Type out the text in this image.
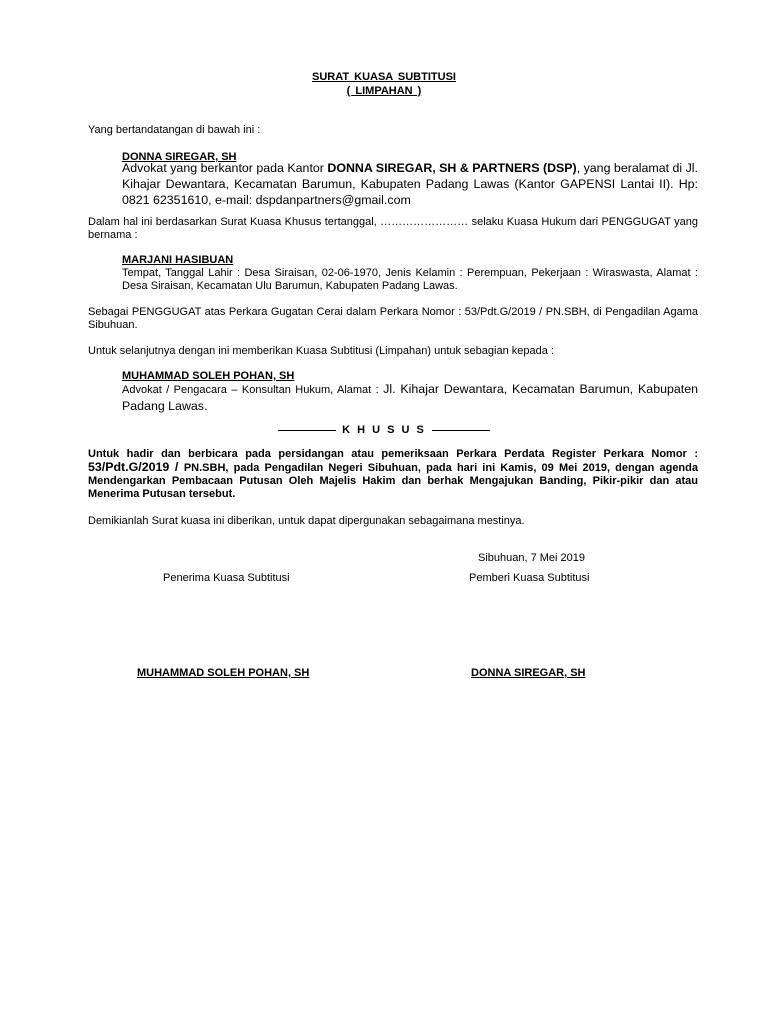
SURAT KUASA SUBTITUSI
( LIMPAHAN )
Yang bertandatangan di bawah ini :
DONNA SIREGAR, SH
Advokat yang berkantor pada Kantor DONNA SIREGAR, SH & PARTNERS (DSP), yang beralamat di Jl. Kihajar Dewantara, Kecamatan Barumun, Kabupaten Padang Lawas (Kantor GAPENSI Lantai II). Hp: 0821 62351610, e-mail: dspdanpartners@gmail.com
Dalam hal ini berdasarkan Surat Kuasa Khusus tertanggal, …………………… selaku Kuasa Hukum dari PENGGUGAT yang bernama :
MARJANI HASIBUAN
Tempat, Tanggal Lahir : Desa Siraisan, 02-06-1970, Jenis Kelamin : Perempuan, Pekerjaan : Wiraswasta, Alamat : Desa Siraisan, Kecamatan Ulu Barumun, Kabupaten Padang Lawas.
Sebagai PENGGUGAT atas Perkara Gugatan Cerai dalam Perkara Nomor : 53/Pdt.G/2019 / PN.SBH, di Pengadilan Agama Sibuhuan.
Untuk selanjutnya dengan ini memberikan Kuasa Subtitusi (Limpahan) untuk sebagian kepada :
MUHAMMAD SOLEH POHAN, SH
Advokat / Pengacara – Konsultan Hukum, Alamat : Jl. Kihajar Dewantara, Kecamatan Barumun, Kabupaten Padang Lawas.
K H U S U S
Untuk hadir dan berbicara pada persidangan atau pemeriksaan Perkara Perdata Register Perkara Nomor : 53/Pdt.G/2019 / PN.SBH, pada Pengadilan Negeri Sibuhuan, pada hari ini Kamis, 09 Mei 2019, dengan agenda Mendengarkan Pembacaan Putusan Oleh Majelis Hakim dan berhak Mengajukan Banding, Pikir-pikir dan atau Menerima Putusan tersebut.
Demikianlah Surat kuasa ini diberikan, untuk dapat dipergunakan sebagaimana mestinya.
Sibuhuan, 7 Mei 2019
Penerima Kuasa Subtitusi	Pemberi Kuasa Subtitusi
MUHAMMAD SOLEH POHAN, SH	DONNA SIREGAR, SH
